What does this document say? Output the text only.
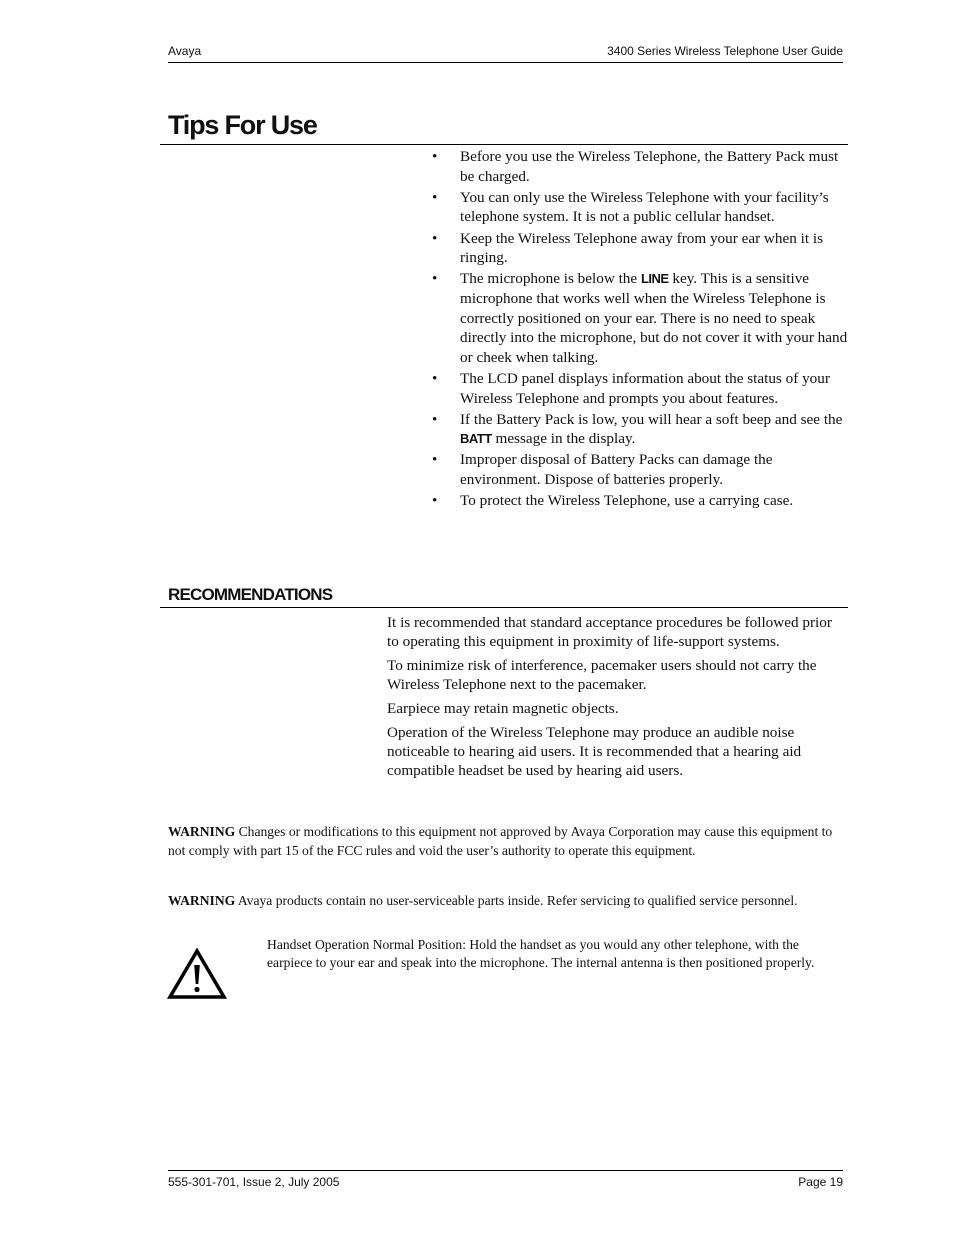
Avaya	3400 Series Wireless Telephone User Guide
Tips For Use
• Before you use the Wireless Telephone, the Battery Pack must be charged.
• You can only use the Wireless Telephone with your facility’s telephone system. It is not a public cellular handset.
• Keep the Wireless Telephone away from your ear when it is ringing.
• The microphone is below the LINE key. This is a sensitive microphone that works well when the Wireless Telephone is correctly positioned on your ear. There is no need to speak directly into the microphone, but do not cover it with your hand or cheek when talking.
• The LCD panel displays information about the status of your Wireless Telephone and prompts you about features.
• If the Battery Pack is low, you will hear a soft beep and see the BATT message in the display.
• Improper disposal of Battery Packs can damage the environment. Dispose of batteries properly.
• To protect the Wireless Telephone, use a carrying case.
RECOMMENDATIONS

It is recommended that standard acceptance procedures be followed prior to operating this equipment in proximity of life-support systems.

To minimize risk of interference, pacemaker users should not carry the Wireless Telephone next to the pacemaker.

Earpiece may retain magnetic objects.

Operation of the Wireless Telephone may produce an audible noise noticeable to hearing aid users. It is recommended that a hearing aid compatible headset be used by hearing aid users.

WARNING Changes or modifications to this equipment not approved by Avaya Corporation may cause this equipment to not comply with part 15 of the FCC rules and void the user’s authority to operate this equipment.

WARNING Avaya products contain no user-serviceable parts inside. Refer servicing to qualified service personnel.

Handset Operation Normal Position: Hold the handset as you would any other telephone, with the earpiece to your ear and speak into the microphone. The internal antenna is then positioned properly.

555-301-701, Issue 2, July 2005	Page 19
